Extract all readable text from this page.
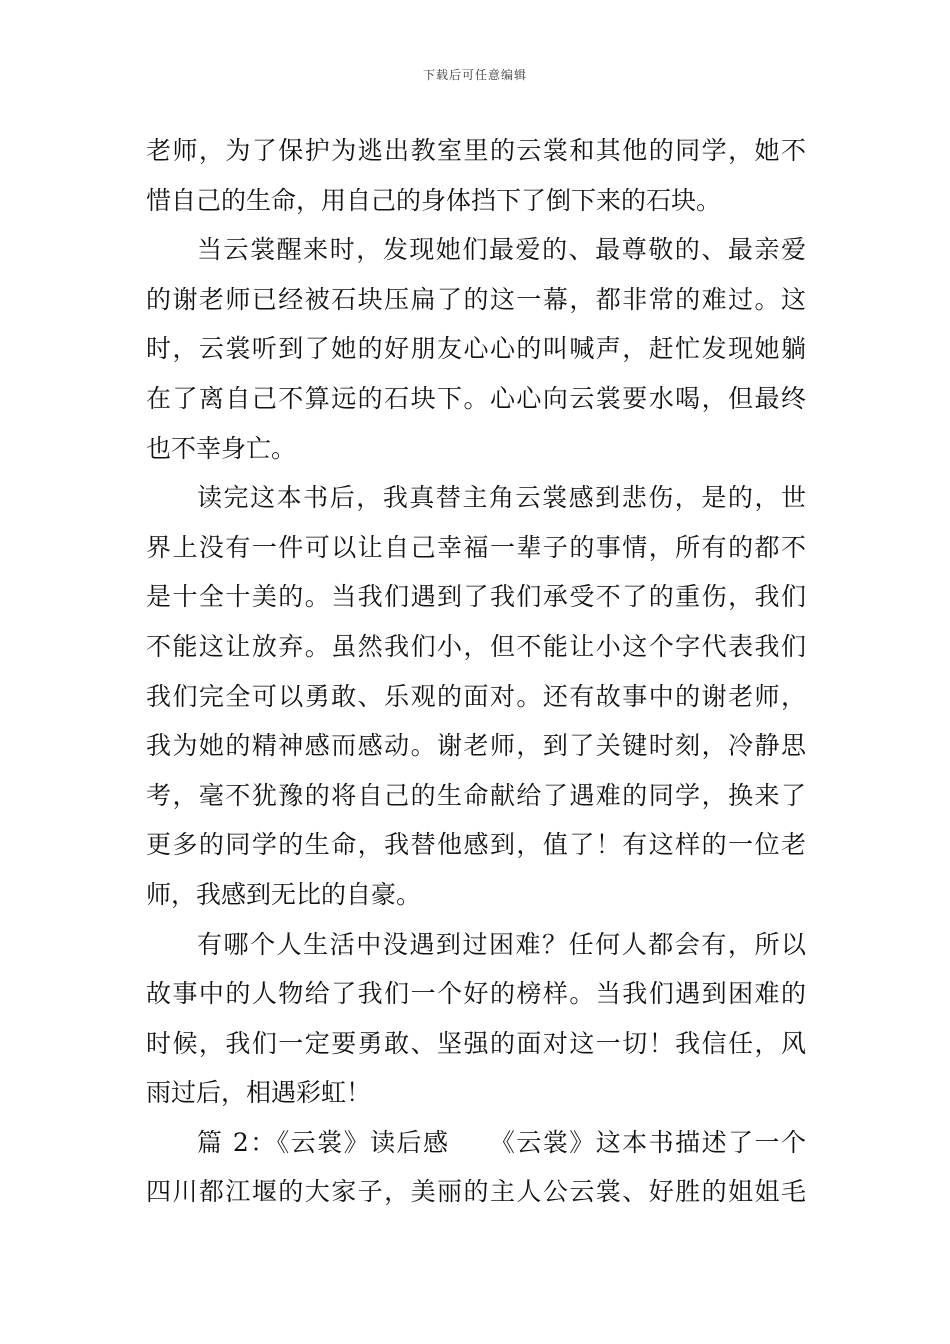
下载后可任意编辑
老师，为了保护为逃出教室里的云裳和其他的同学，她不
惜自己的生命，用自己的身体挡下了倒下来的石块。
当云裳醒来时，发现她们最爱的、最尊敬的、最亲爱
的谢老师已经被石块压扁了的这一幕，都非常的难过。这
时，云裳听到了她的好朋友心心的叫喊声，赶忙发现她躺
在了离自己不算远的石块下。心心向云裳要水喝，但最终
也不幸身亡。
读完这本书后，我真替主角云裳感到悲伤，是的，世
界上没有一件可以让自己幸福一辈子的事情，所有的都不
是十全十美的。当我们遇到了我们承受不了的重伤，我们
不能这让放弃。虽然我们小，但不能让小这个字代表我们
我们完全可以勇敢、乐观的面对。还有故事中的谢老师，
我为她的精神感而感动。谢老师，到了关键时刻，冷静思
考，毫不犹豫的将自己的生命献给了遇难的同学，换来了
更多的同学的生命，我替他感到，值了！有这样的一位老
师，我感到无比的自豪。
有哪个人生活中没遇到过困难？任何人都会有，所以
故事中的人物给了我们一个好的榜样。当我们遇到困难的
时候，我们一定要勇敢、坚强的面对这一切！我信任，风
雨过后，相遇彩虹！
篇 2：《云裳》读后感　　《云裳》这本书描述了一个
四川都江堰的大家子，美丽的主人公云裳、好胜的姐姐毛
